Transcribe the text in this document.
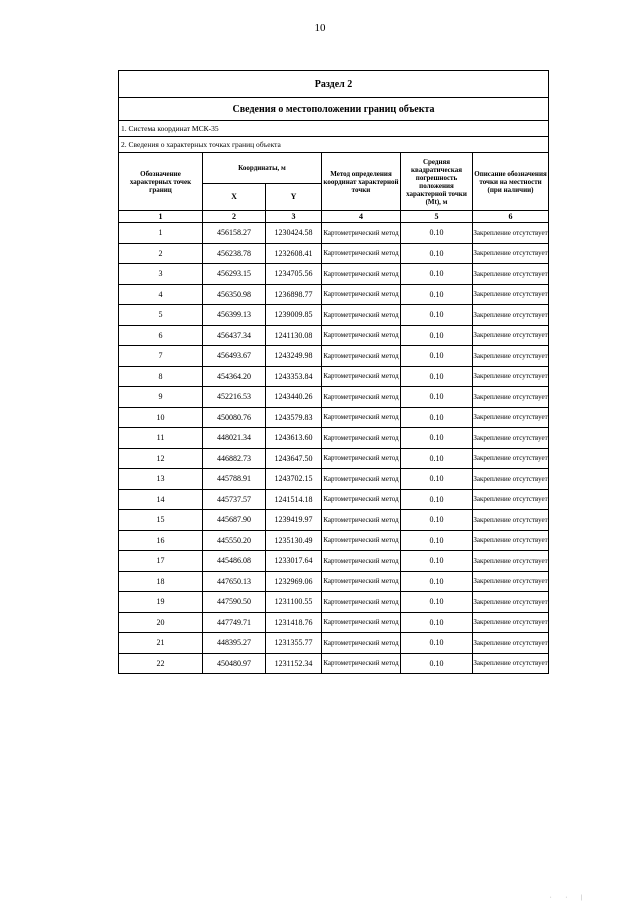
10
Раздел 2					
Сведения о местоположении границ объекта					
1. Система координат МСК-35					
2. Сведения о характерных точках границ объекта					
Обозначение характерных точек границ	Координаты, м		Метод определения координат характерной точки	Средняя квадратическая погрешность положения характерной точки (Mt), м	Описание обозначения точки на местности (при наличии)
	X	Y			
1	2	3	4	5	6
1	456158.27	1230424.58	Картометрический метод	0.10	Закрепление отсутствует
2	456238.78	1232608.41	Картометрический метод	0.10	Закрепление отсутствует
3	456293.15	1234705.56	Картометрический метод	0.10	Закрепление отсутствует
4	456350.98	1236898.77	Картометрический метод	0.10	Закрепление отсутствует
5	456399.13	1239009.85	Картометрический метод	0.10	Закрепление отсутствует
6	456437.34	1241130.08	Картометрический метод	0.10	Закрепление отсутствует
7	456493.67	1243249.98	Картометрический метод	0.10	Закрепление отсутствует
8	454364.20	1243353.84	Картометрический метод	0.10	Закрепление отсутствует
9	452216.53	1243440.26	Картометрический метод	0.10	Закрепление отсутствует
10	450080.76	1243579.83	Картометрический метод	0.10	Закрепление отсутствует
11	448021.34	1243613.60	Картометрический метод	0.10	Закрепление отсутствует
12	446882.73	1243647.50	Картометрический метод	0.10	Закрепление отсутствует
13	445788.91	1243702.15	Картометрический метод	0.10	Закрепление отсутствует
14	445737.57	1241514.18	Картометрический метод	0.10	Закрепление отсутствует
15	445687.90	1239419.97	Картометрический метод	0.10	Закрепление отсутствует
16	445550.20	1235130.49	Картометрический метод	0.10	Закрепление отсутствует
17	445486.08	1233017.64	Картометрический метод	0.10	Закрепление отсутствует
18	447650.13	1232969.06	Картометрический метод	0.10	Закрепление отсутствует
19	447590.50	1231100.55	Картометрический метод	0.10	Закрепление отсутствует
20	447749.71	1231418.76	Картометрический метод	0.10	Закрепление отсутствует
21	448395.27	1231355.77	Картометрический метод	0.10	Закрепление отсутствует
22	450480.97	1231152.34	Картометрический метод	0.10	Закрепление отсутствует
· · |
